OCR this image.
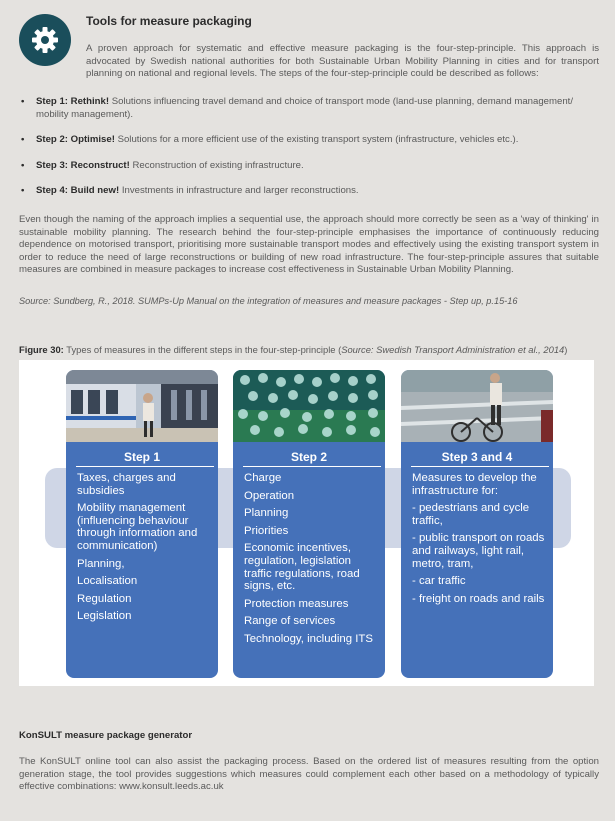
Tools for measure packaging
A proven approach for systematic and effective measure packaging is the four-step-principle. This approach is advocated by Swedish national authorities for both Sustainable Urban Mobility Planning in cities and for transport planning on national and regional levels. The steps of the four-step-principle could be described as follows:
• Step 1: Rethink! Solutions influencing travel demand and choice of transport mode (land-use planning, demand management/ mobility management).
• Step 2: Optimise! Solutions for a more efficient use of the existing transport system (infrastructure, vehicles etc.).
• Step 3: Reconstruct! Reconstruction of existing infrastructure.
• Step 4: Build new! Investments in infrastructure and larger reconstructions.
Even though the naming of the approach implies a sequential use, the approach should more correctly be seen as a 'way of thinking' in sustainable mobility planning. The research behind the four-step-principle emphasises the importance of continuously reducing dependence on motorised transport, prioritising more sustainable transport modes and effectively using the existing transport system in order to reduce the need of large reconstructions or building of new road infrastructure. The four-step-principle assures that suitable measures are combined in measure packages to increase cost effectiveness in Sustainable Urban Mobility Planning.
Source: Sundberg, R., 2018. SUMPs-Up Manual on the integration of measures and measure packages - Step up, p.15-16
Figure 30: Types of measures in the different steps in the four-step-principle (Source: Swedish Transport Administration et al., 2014)
Step 1
Taxes, charges and subsidies
Mobility management (influencing behaviour through information and communication)
Planning,
Localisation
Regulation
Legislation
Step 2
Charge
Operation
Planning
Priorities
Economic incentives, regulation, legislation traffic regulations, road signs, etc.
Protection measures
Range of services
Technology, including ITS
Step 3 and 4
Measures to develop the infrastructure for:
- pedestrians and cycle traffic,
- public transport on roads and railways, light rail, metro, tram,
- car traffic
- freight on roads and rails
KonSULT measure package generator
The KonSULT online tool can also assist the packaging process. Based on the ordered list of measures resulting from the option generation stage, the tool provides suggestions which measures could complement each other based on a methodology of typically effective combinations: www.konsult.leeds.ac.uk
